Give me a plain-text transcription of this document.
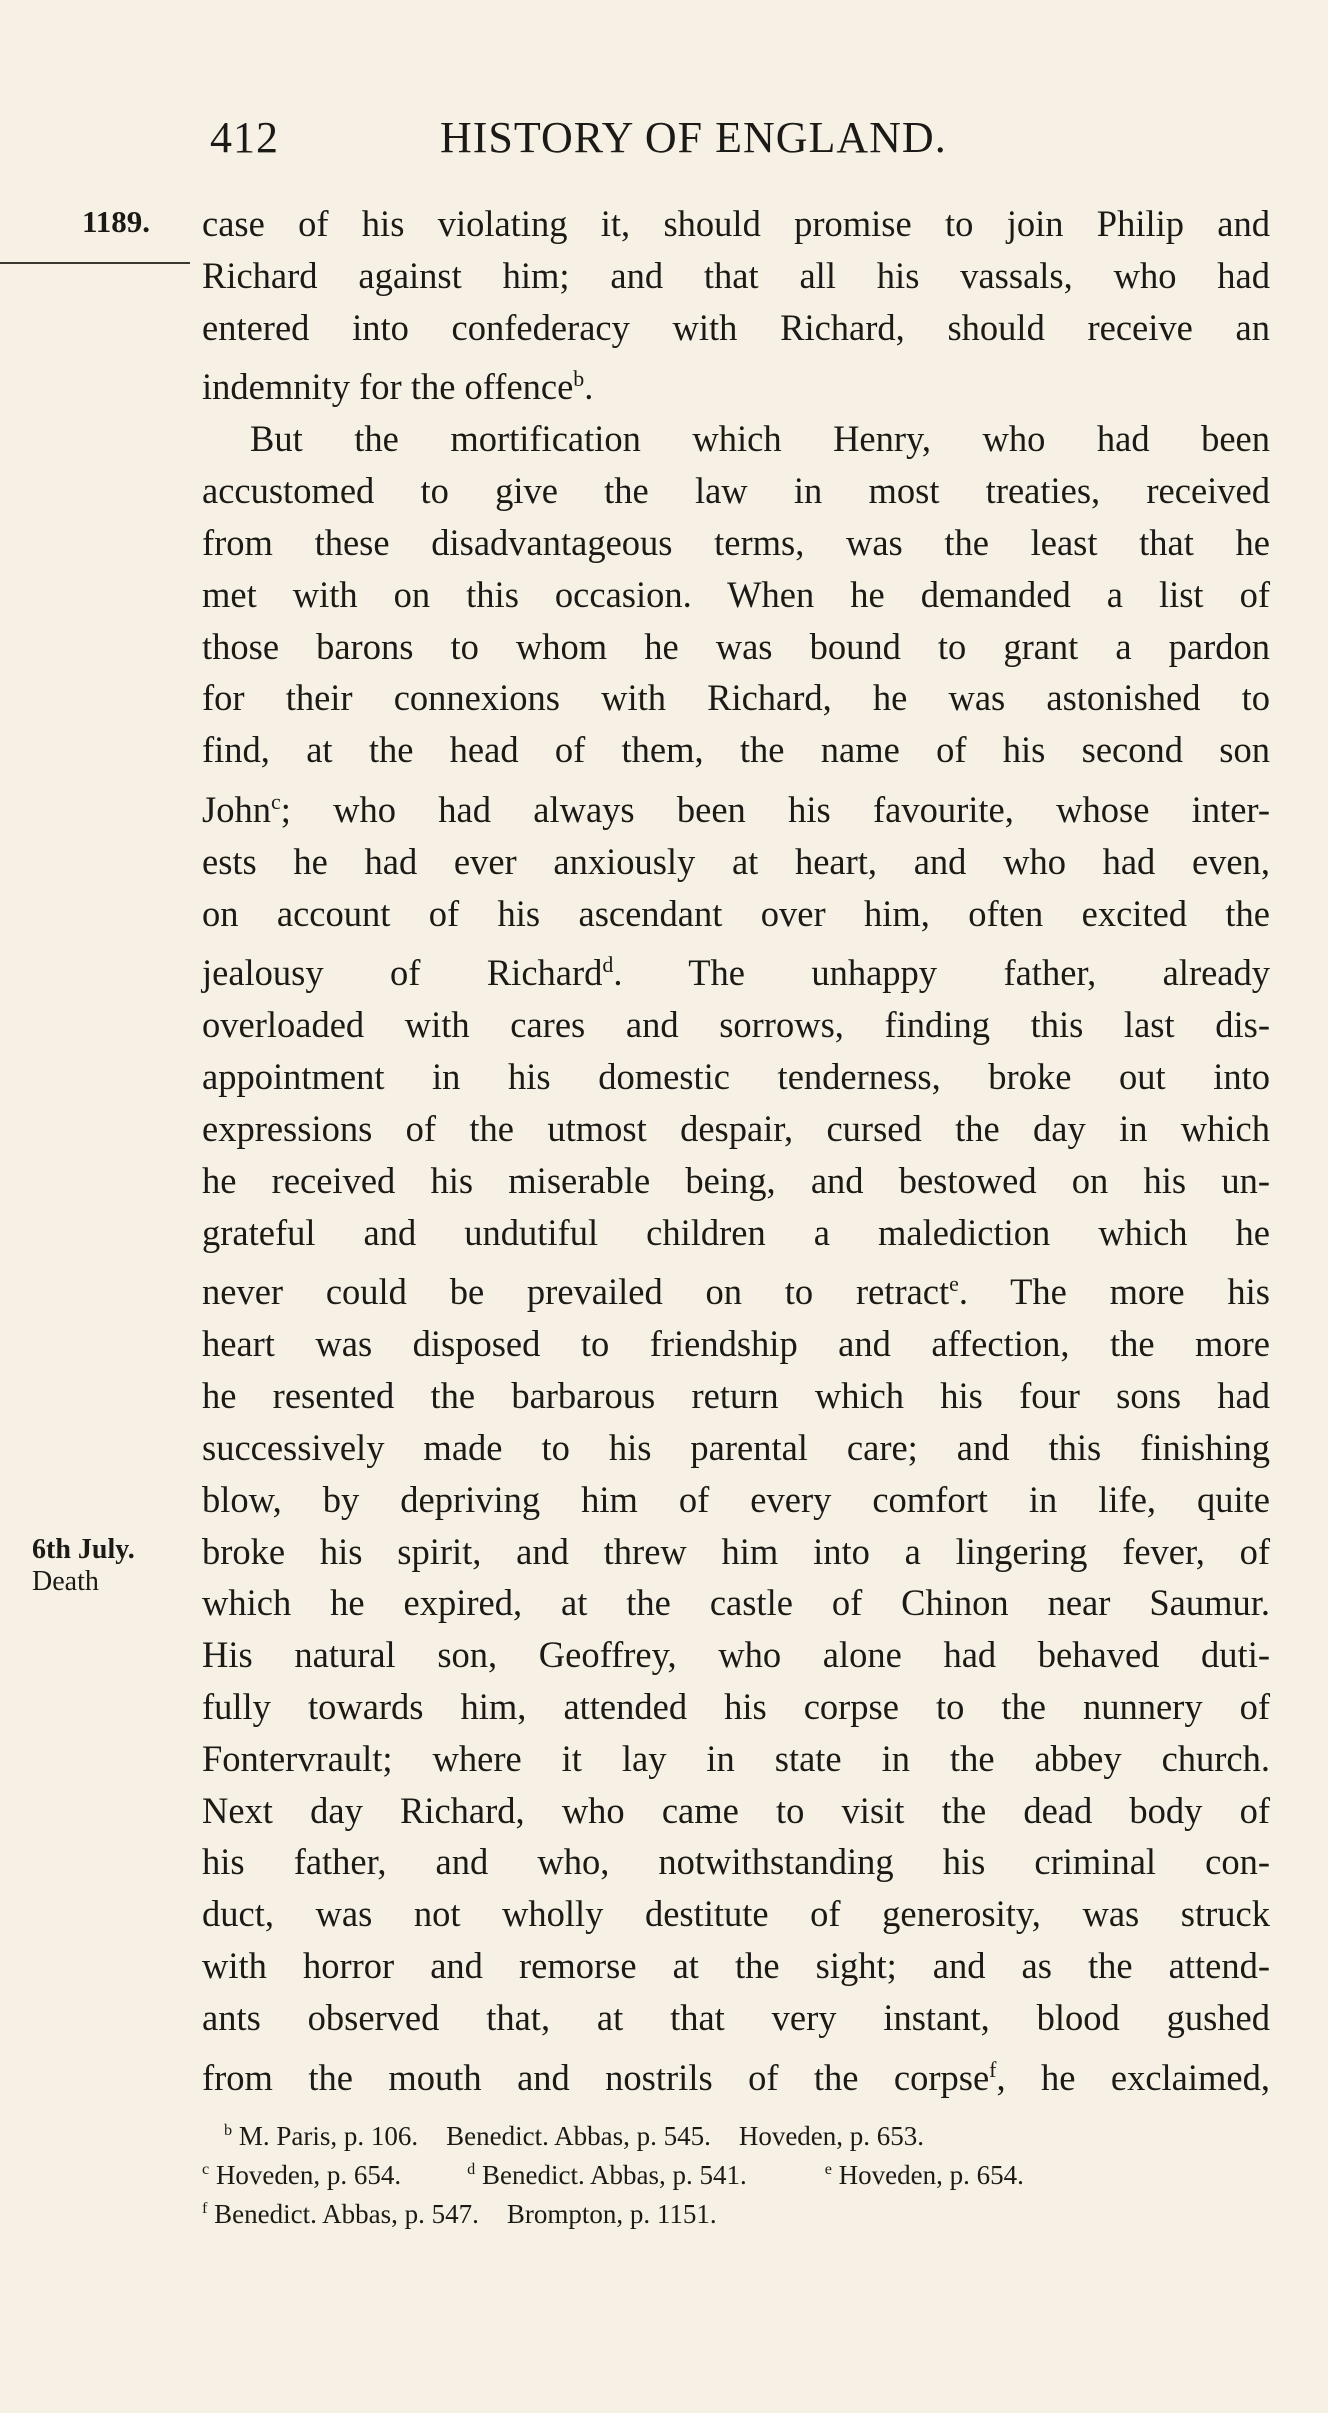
412	HISTORY OF ENGLAND.
1189.
6th July.
Death
case of his violating it, should promise to join Philip and
Richard against him; and that all his vassals, who had
entered into confederacy with Richard, should receive an
indemnity for the offence$^b$.
But the mortification which Henry, who had been
accustomed to give the law in most treaties, received
from these disadvantageous terms, was the least that he
met with on this occasion. When he demanded a list of
those barons to whom he was bound to grant a pardon
for their connexions with Richard, he was astonished to
find, at the head of them, the name of his second son
John$^c$; who had always been his favourite, whose inter-
ests he had ever anxiously at heart, and who had even,
on account of his ascendant over him, often excited the
jealousy of Richard$^d$. The unhappy father, already
overloaded with cares and sorrows, finding this last dis-
appointment in his domestic tenderness, broke out into
expressions of the utmost despair, cursed the day in which
he received his miserable being, and bestowed on his un-
grateful and undutiful children a malediction which he
never could be prevailed on to retract$^e$. The more his
heart was disposed to friendship and affection, the more
he resented the barbarous return which his four sons had
successively made to his parental care; and this finishing
blow, by depriving him of every comfort in life, quite
broke his spirit, and threw him into a lingering fever, of
which he expired, at the castle of Chinon near Saumur.
His natural son, Geoffrey, who alone had behaved duti-
fully towards him, attended his corpse to the nunnery of
Fontervrault; where it lay in state in the abbey church.
Next day Richard, who came to visit the dead body of
his father, and who, notwithstanding his criminal con-
duct, was not wholly destitute of generosity, was struck
with horror and remorse at the sight; and as the attend-
ants observed that, at that very instant, blood gushed
from the mouth and nostrils of the corpse$^f$, he exclaimed,
$^b$ M. Paris, p. 106. Benedict. Abbas, p. 545. Hoveden, p. 653.
$^c$ Hoveden, p. 654.	$^d$ Benedict. Abbas, p. 541.	$^e$ Hoveden, p. 654.
$^f$ Benedict. Abbas, p. 547. Brompton, p. 1151.
